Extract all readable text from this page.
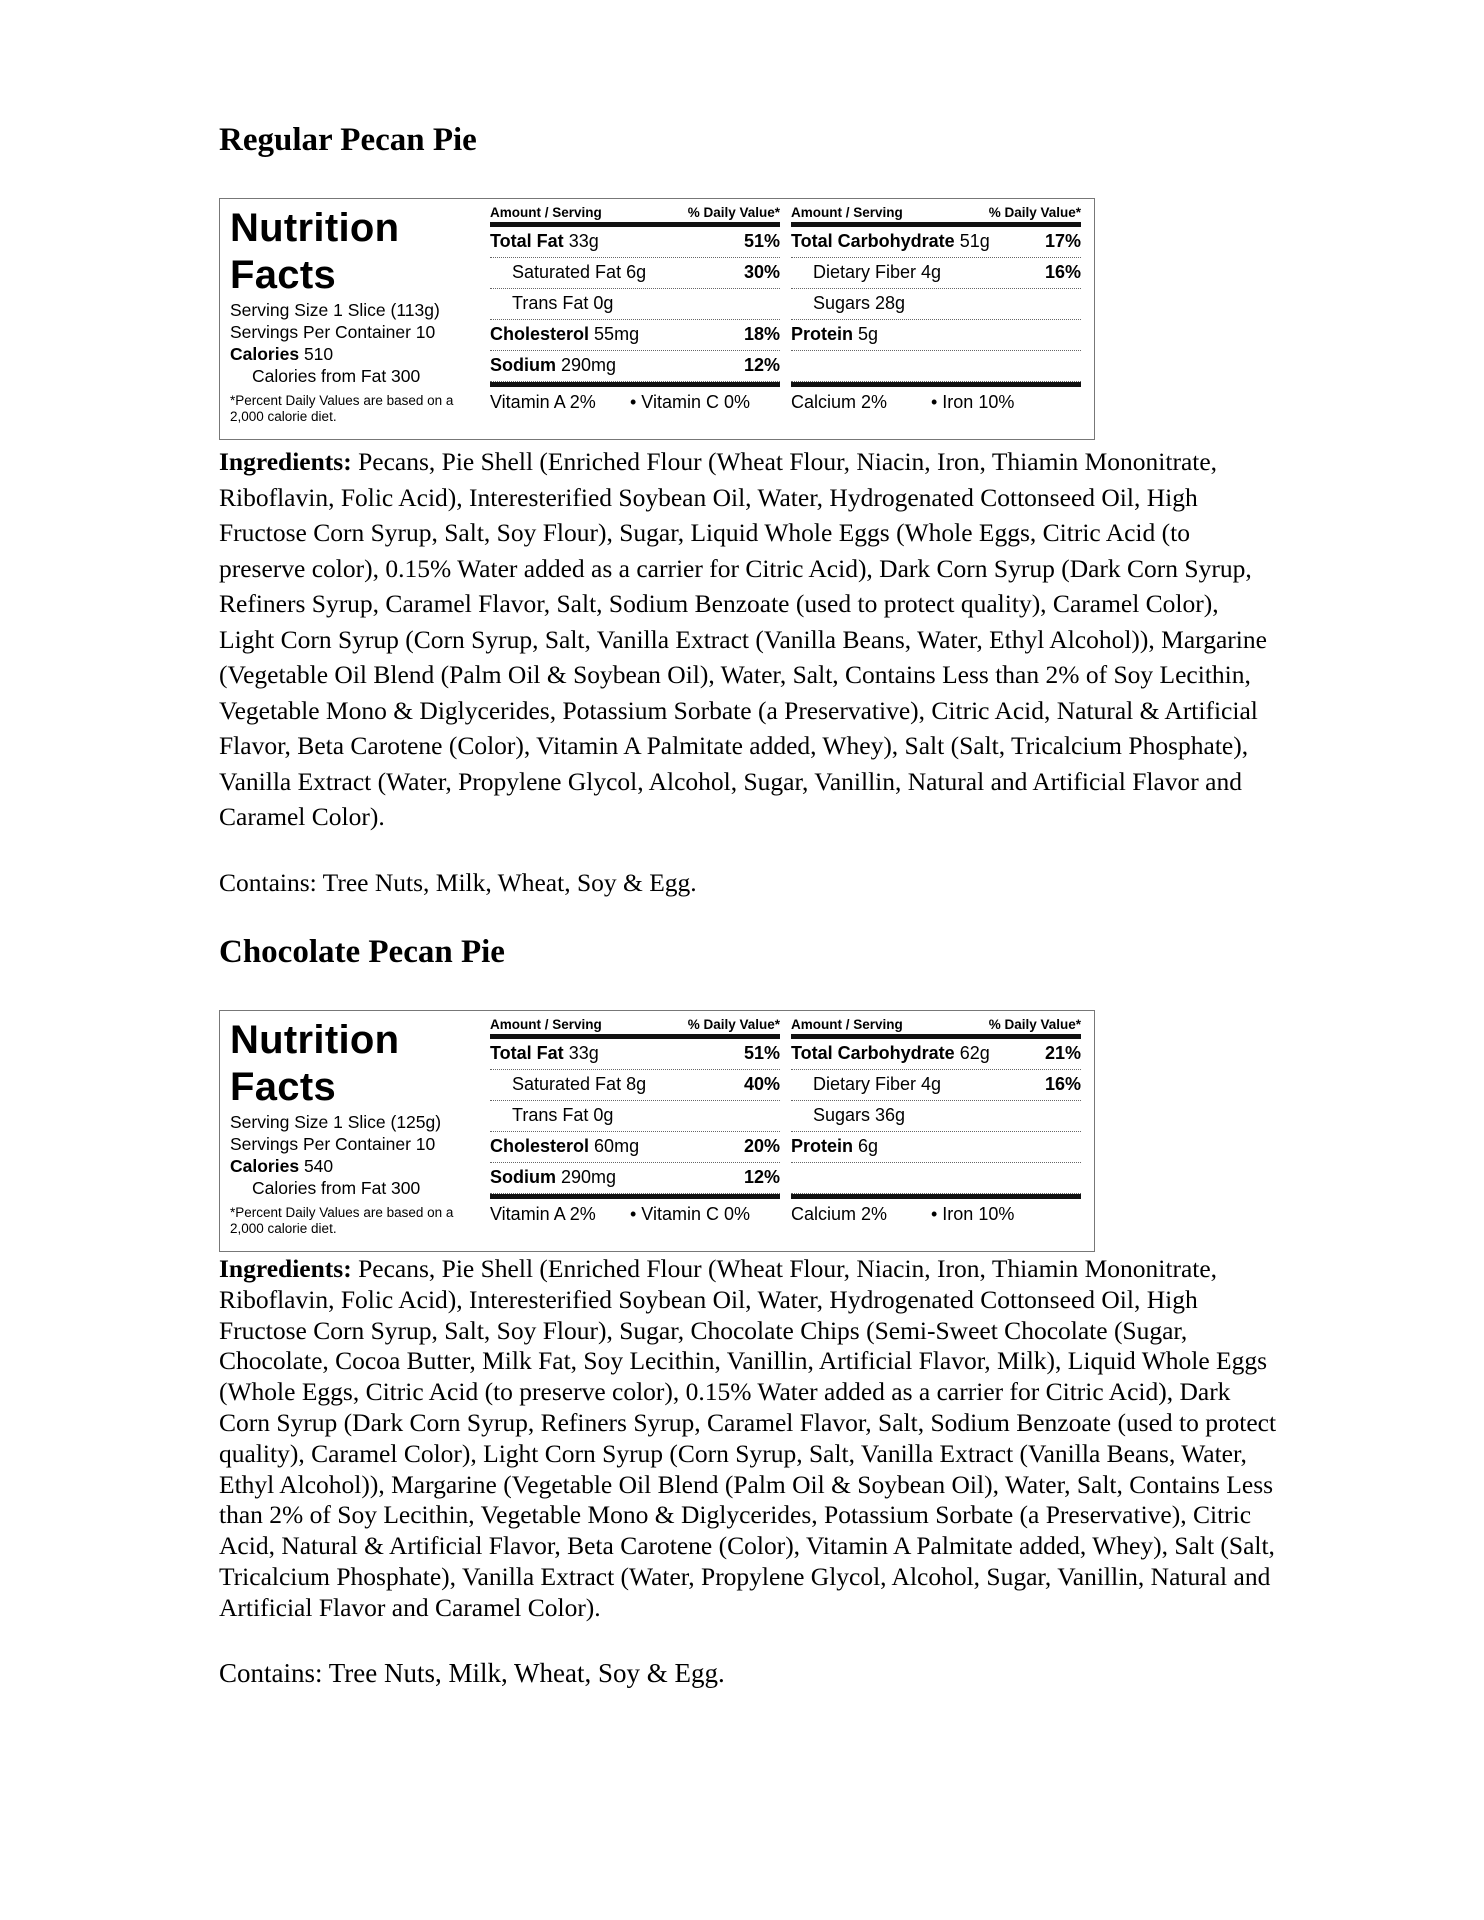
Regular Pecan Pie
Nutrition
Facts
Serving Size 1 Slice (113g)
Servings Per Container 10
Calories 510
Calories from Fat 300
*Percent Daily Values are based on a 2,000 calorie diet.
Amount / Serving	% Daily Value*
Total Fat 33g	51%
Saturated Fat 6g	30%
Trans Fat 0g
Cholesterol 55mg	18%
Sodium 290mg	12%
Vitamin A 2%	• Vitamin C 0%
Amount / Serving	% Daily Value*
Total Carbohydrate 51g	17%
Dietary Fiber 4g	16%
Sugars 28g
Protein 5g
Calcium 2%	• Iron 10%

Ingredients: Pecans, Pie Shell (Enriched Flour (Wheat Flour, Niacin, Iron, Thiamin Mononitrate, Riboflavin, Folic Acid), Interesterified Soybean Oil, Water, Hydrogenated Cottonseed Oil, High Fructose Corn Syrup, Salt, Soy Flour), Sugar, Liquid Whole Eggs (Whole Eggs, Citric Acid (to preserve color), 0.15% Water added as a carrier for Citric Acid), Dark Corn Syrup (Dark Corn Syrup, Refiners Syrup, Caramel Flavor, Salt, Sodium Benzoate (used to protect quality), Caramel Color), Light Corn Syrup (Corn Syrup, Salt, Vanilla Extract (Vanilla Beans, Water, Ethyl Alcohol)), Margarine (Vegetable Oil Blend (Palm Oil & Soybean Oil), Water, Salt, Contains Less than 2% of Soy Lecithin, Vegetable Mono & Diglycerides, Potassium Sorbate (a Preservative), Citric Acid, Natural & Artificial Flavor, Beta Carotene (Color), Vitamin A Palmitate added, Whey), Salt (Salt, Tricalcium Phosphate), Vanilla Extract (Water, Propylene Glycol, Alcohol, Sugar, Vanillin, Natural and Artificial Flavor and Caramel Color).

Contains: Tree Nuts, Milk, Wheat, Soy & Egg.
Chocolate Pecan Pie
Nutrition
Facts
Serving Size 1 Slice (125g)
Servings Per Container 10
Calories 540
Calories from Fat 300
*Percent Daily Values are based on a 2,000 calorie diet.
Amount / Serving	% Daily Value*
Total Fat 33g	51%
Saturated Fat 8g	40%
Trans Fat 0g
Cholesterol 60mg	20%
Sodium 290mg	12%
Vitamin A 2%	• Vitamin C 0%
Amount / Serving	% Daily Value*
Total Carbohydrate 62g	21%
Dietary Fiber 4g	16%
Sugars 36g
Protein 6g
Calcium 2%	• Iron 10%

Ingredients: Pecans, Pie Shell (Enriched Flour (Wheat Flour, Niacin, Iron, Thiamin Mononitrate, Riboflavin, Folic Acid), Interesterified Soybean Oil, Water, Hydrogenated Cottonseed Oil, High Fructose Corn Syrup, Salt, Soy Flour), Sugar, Chocolate Chips (Semi-Sweet Chocolate (Sugar, Chocolate, Cocoa Butter, Milk Fat, Soy Lecithin, Vanillin, Artificial Flavor, Milk), Liquid Whole Eggs (Whole Eggs, Citric Acid (to preserve color), 0.15% Water added as a carrier for Citric Acid), Dark Corn Syrup (Dark Corn Syrup, Refiners Syrup, Caramel Flavor, Salt, Sodium Benzoate (used to protect quality), Caramel Color), Light Corn Syrup (Corn Syrup, Salt, Vanilla Extract (Vanilla Beans, Water, Ethyl Alcohol)), Margarine (Vegetable Oil Blend (Palm Oil & Soybean Oil), Water, Salt, Contains Less than 2% of Soy Lecithin, Vegetable Mono & Diglycerides, Potassium Sorbate (a Preservative), Citric Acid, Natural & Artificial Flavor, Beta Carotene (Color), Vitamin A Palmitate added, Whey), Salt (Salt, Tricalcium Phosphate), Vanilla Extract (Water, Propylene Glycol, Alcohol, Sugar, Vanillin, Natural and Artificial Flavor and Caramel Color).

Contains: Tree Nuts, Milk, Wheat, Soy & Egg.
